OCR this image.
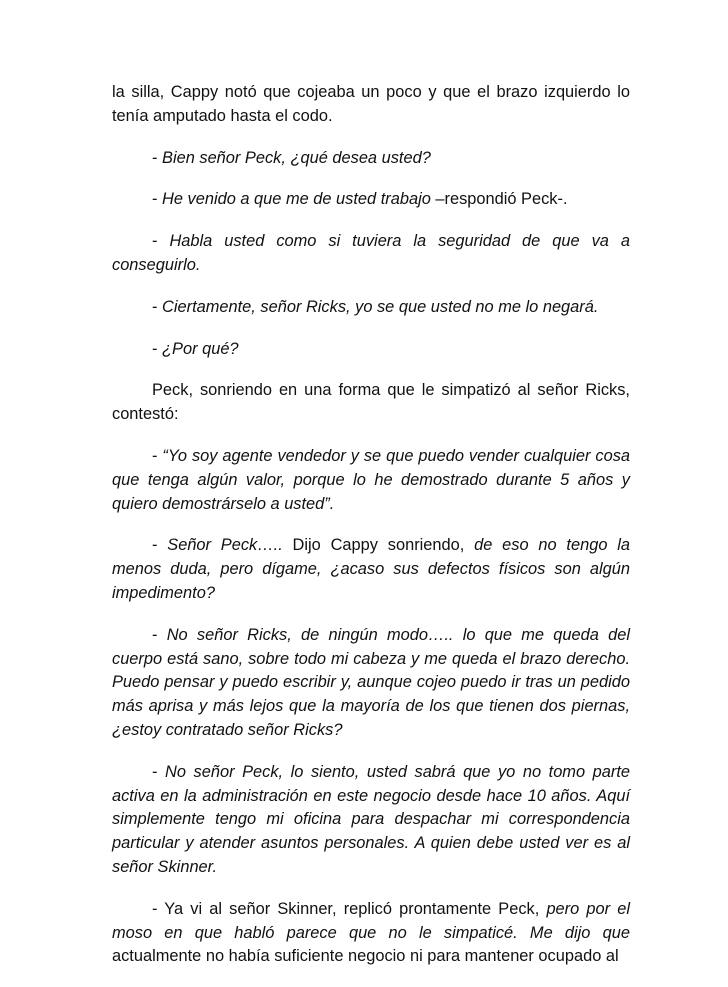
la silla, Cappy notó que cojeaba un poco y que el brazo izquierdo lo tenía amputado hasta el codo.

- Bien señor Peck, ¿qué desea usted?

- He venido a que me de usted trabajo –respondió Peck-.

- Habla usted como si tuviera la seguridad de que va a conseguirlo.

- Ciertamente, señor Ricks, yo se que usted no me lo negará.

- ¿Por qué?

Peck, sonriendo en una forma que le simpatizó al señor Ricks, contestó:

- “Yo soy agente vendedor y se que puedo vender cualquier cosa que tenga algún valor, porque lo he demostrado durante 5 años y quiero demostrárselo a usted”.

- Señor Peck….. Dijo Cappy sonriendo, de eso no tengo la menos duda, pero dígame, ¿acaso sus defectos físicos son algún impedimento?

- No señor Ricks, de ningún modo….. lo que me queda del cuerpo está sano, sobre todo mi cabeza y me queda el brazo derecho. Puedo pensar y puedo escribir y, aunque cojeo puedo ir tras un pedido más aprisa y más lejos que la mayoría de los que tienen dos piernas, ¿estoy contratado señor Ricks?

- No señor Peck, lo siento, usted sabrá que yo no tomo parte activa en la administración en este negocio desde hace 10 años. Aquí simplemente tengo mi oficina para despachar mi correspondencia particular y atender asuntos personales. A quien debe usted ver es al señor Skinner.

- Ya vi al señor Skinner, replicó prontamente Peck, pero por el moso en que habló parece que no le simpaticé. Me dijo que actualmente no había suficiente negocio ni para mantener ocupado al
